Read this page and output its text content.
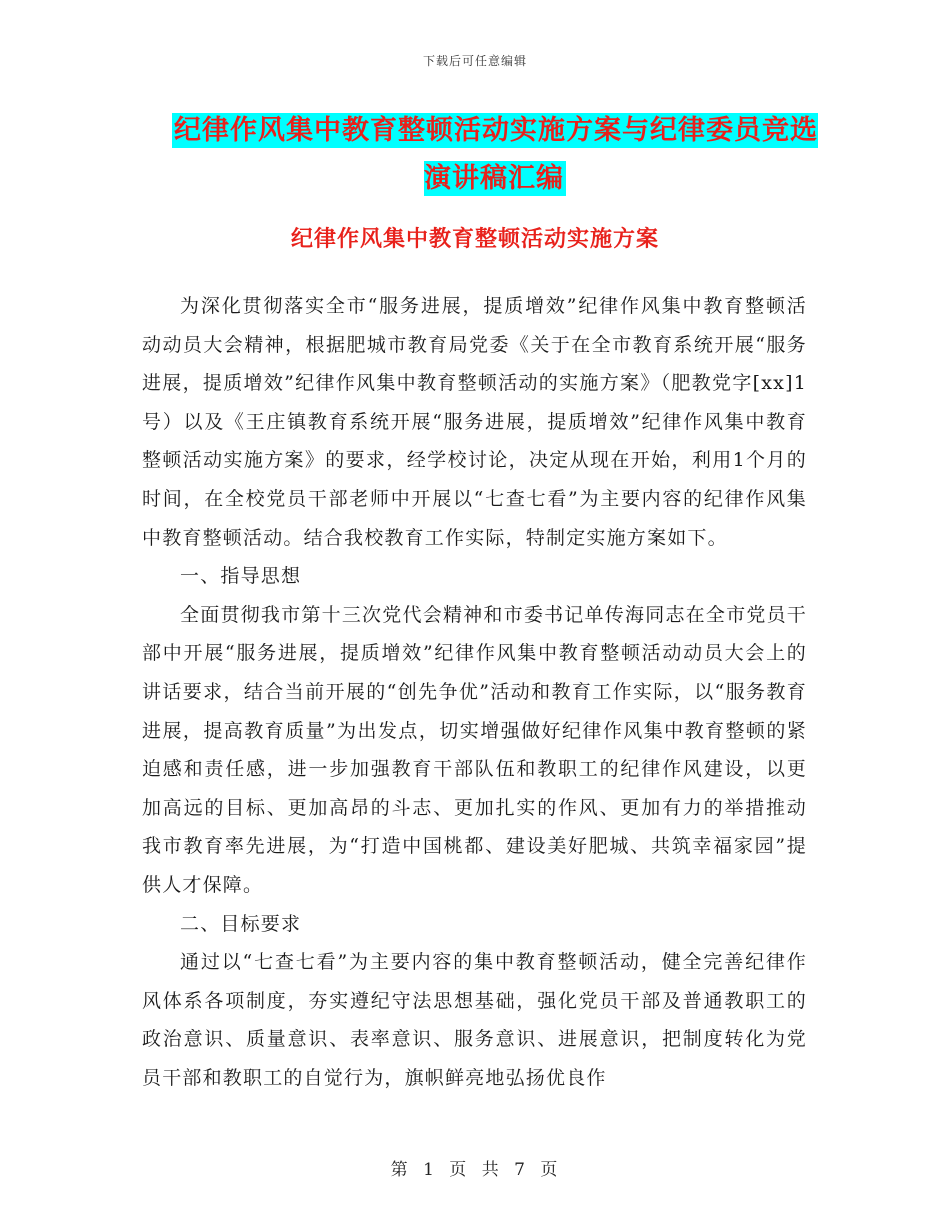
下载后可任意编辑
纪律作风集中教育整顿活动实施方案与纪律委员竞选演讲稿汇编
纪律作风集中教育整顿活动实施方案

为深化贯彻落实全市“服务进展，提质增效”纪律作风集中教育整顿活动动员大会精神，根据肥城市教育局党委《关于在全市教育系统开展“服务进展，提质增效”纪律作风集中教育整顿活动的实施方案》（肥教党字[xx]1号）以及《王庄镇教育系统开展“服务进展，提质增效”纪律作风集中教育整顿活动实施方案》的要求，经学校讨论，决定从现在开始，利用1个月的时间，在全校党员干部老师中开展以“七查七看”为主要内容的纪律作风集中教育整顿活动。结合我校教育工作实际，特制定实施方案如下。

一、指导思想

全面贯彻我市第十三次党代会精神和市委书记单传海同志在全市党员干部中开展“服务进展，提质增效”纪律作风集中教育整顿活动动员大会上的讲话要求，结合当前开展的“创先争优”活动和教育工作实际，以“服务教育进展，提高教育质量”为出发点，切实增强做好纪律作风集中教育整顿的紧迫感和责任感，进一步加强教育干部队伍和教职工的纪律作风建设，以更加高远的目标、更加高昂的斗志、更加扎实的作风、更加有力的举措推动我市教育率先进展，为“打造中国桃都、建设美好肥城、共筑幸福家园”提供人才保障。

二、目标要求

通过以“七查七看”为主要内容的集中教育整顿活动，健全完善纪律作风体系各项制度，夯实遵纪守法思想基础，强化党员干部及普通教职工的政治意识、质量意识、表率意识、服务意识、进展意识，把制度转化为党员干部和教职工的自觉行为，旗帜鲜亮地弘扬优良作

第 1 页 共 7 页
